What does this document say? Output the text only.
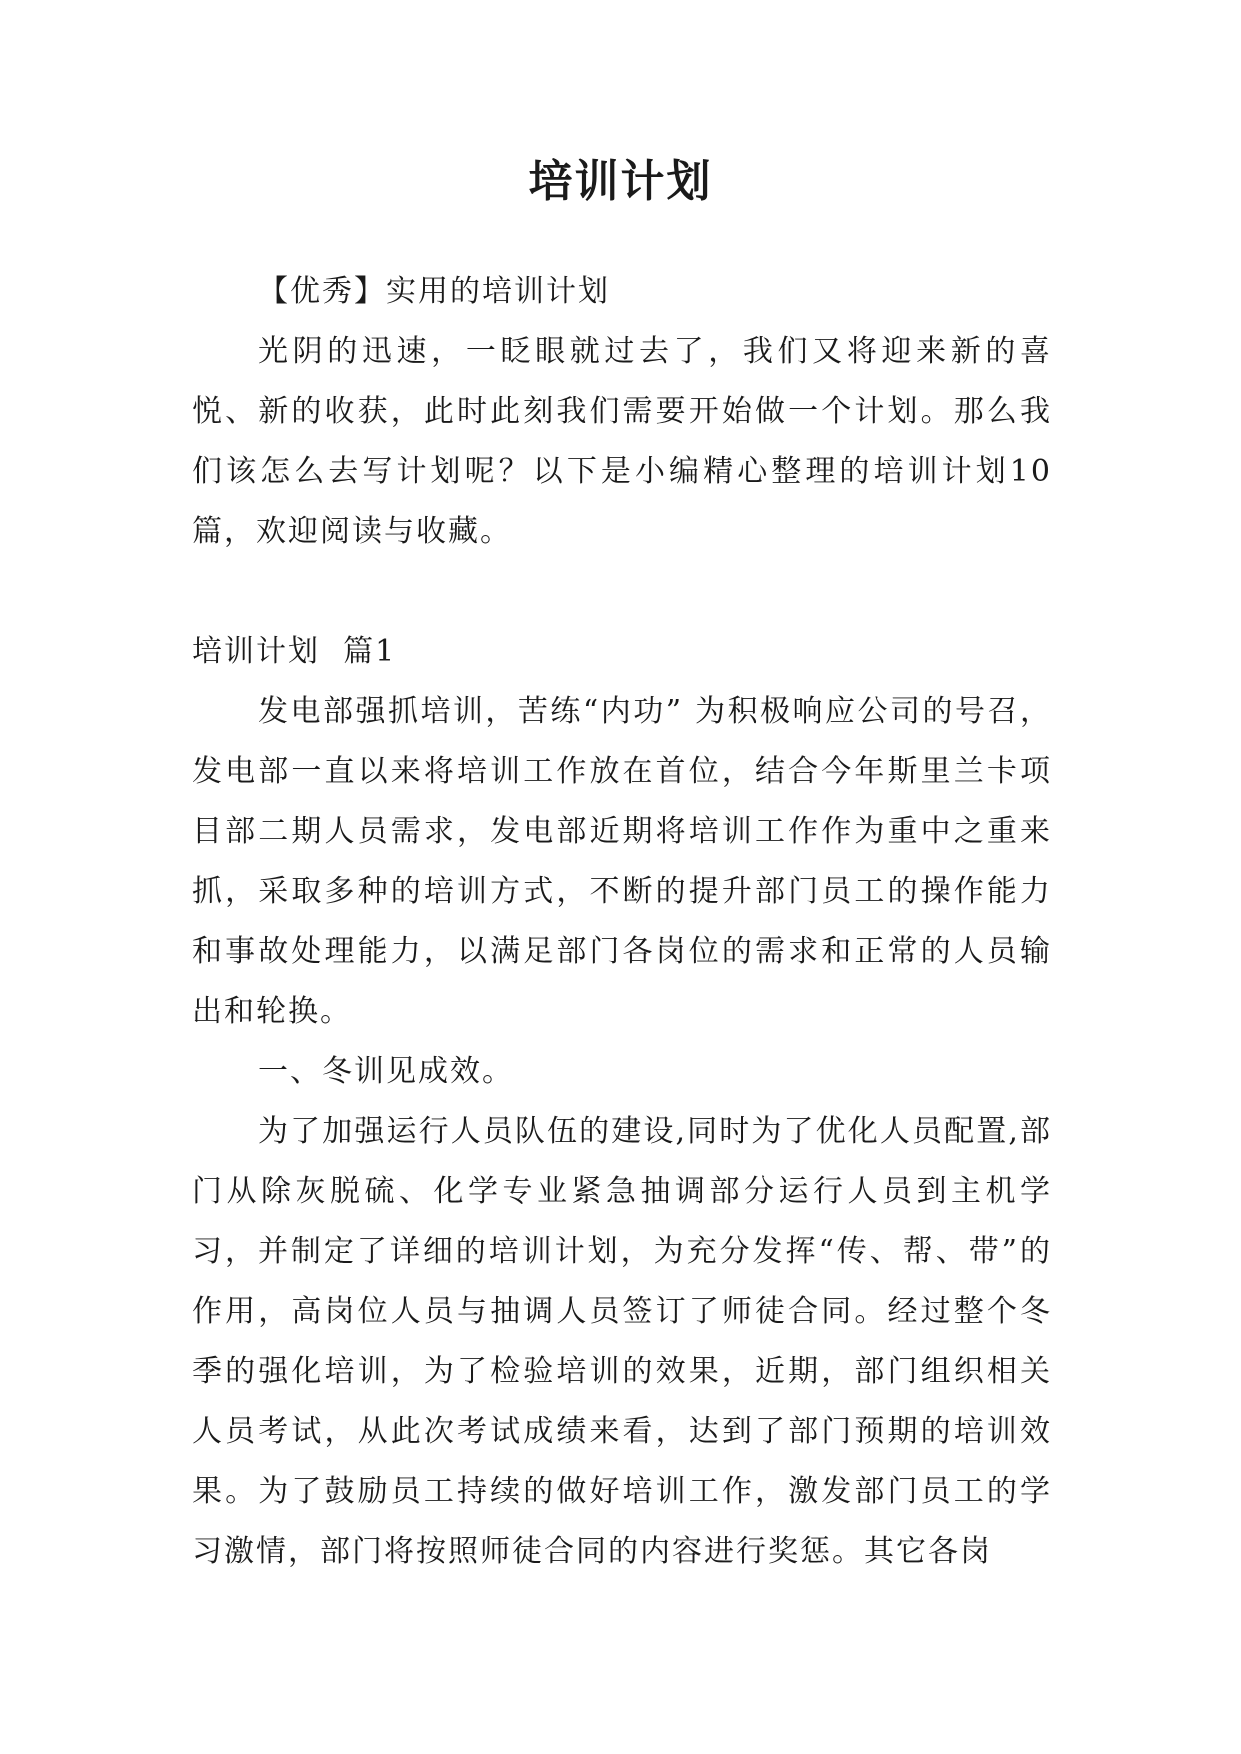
培训计划

【优秀】实用的培训计划

光阴的迅速，一眨眼就过去了，我们又将迎来新的喜悦、新的收获，此时此刻我们需要开始做一个计划。那么我们该怎么去写计划呢？以下是小编精心整理的培训计划10篇，欢迎阅读与收藏。

培训计划  篇1

发电部强抓培训，苦练“内功” 为积极响应公司的号召，发电部一直以来将培训工作放在首位，结合今年斯里兰卡项目部二期人员需求，发电部近期将培训工作作为重中之重来抓，采取多种的培训方式，不断的提升部门员工的操作能力和事故处理能力，以满足部门各岗位的需求和正常的人员输出和轮换。

一、冬训见成效。

为了加强运行人员队伍的建设,同时为了优化人员配置,部门从除灰脱硫、化学专业紧急抽调部分运行人员到主机学习，并制定了详细的培训计划，为充分发挥“传、帮、带”的作用，高岗位人员与抽调人员签订了师徒合同。经过整个冬季的强化培训，为了检验培训的效果，近期，部门组织相关人员考试，从此次考试成绩来看，达到了部门预期的培训效果。为了鼓励员工持续的做好培训工作，激发部门员工的学习激情，部门将按照师徒合同的内容进行奖惩。其它各岗
